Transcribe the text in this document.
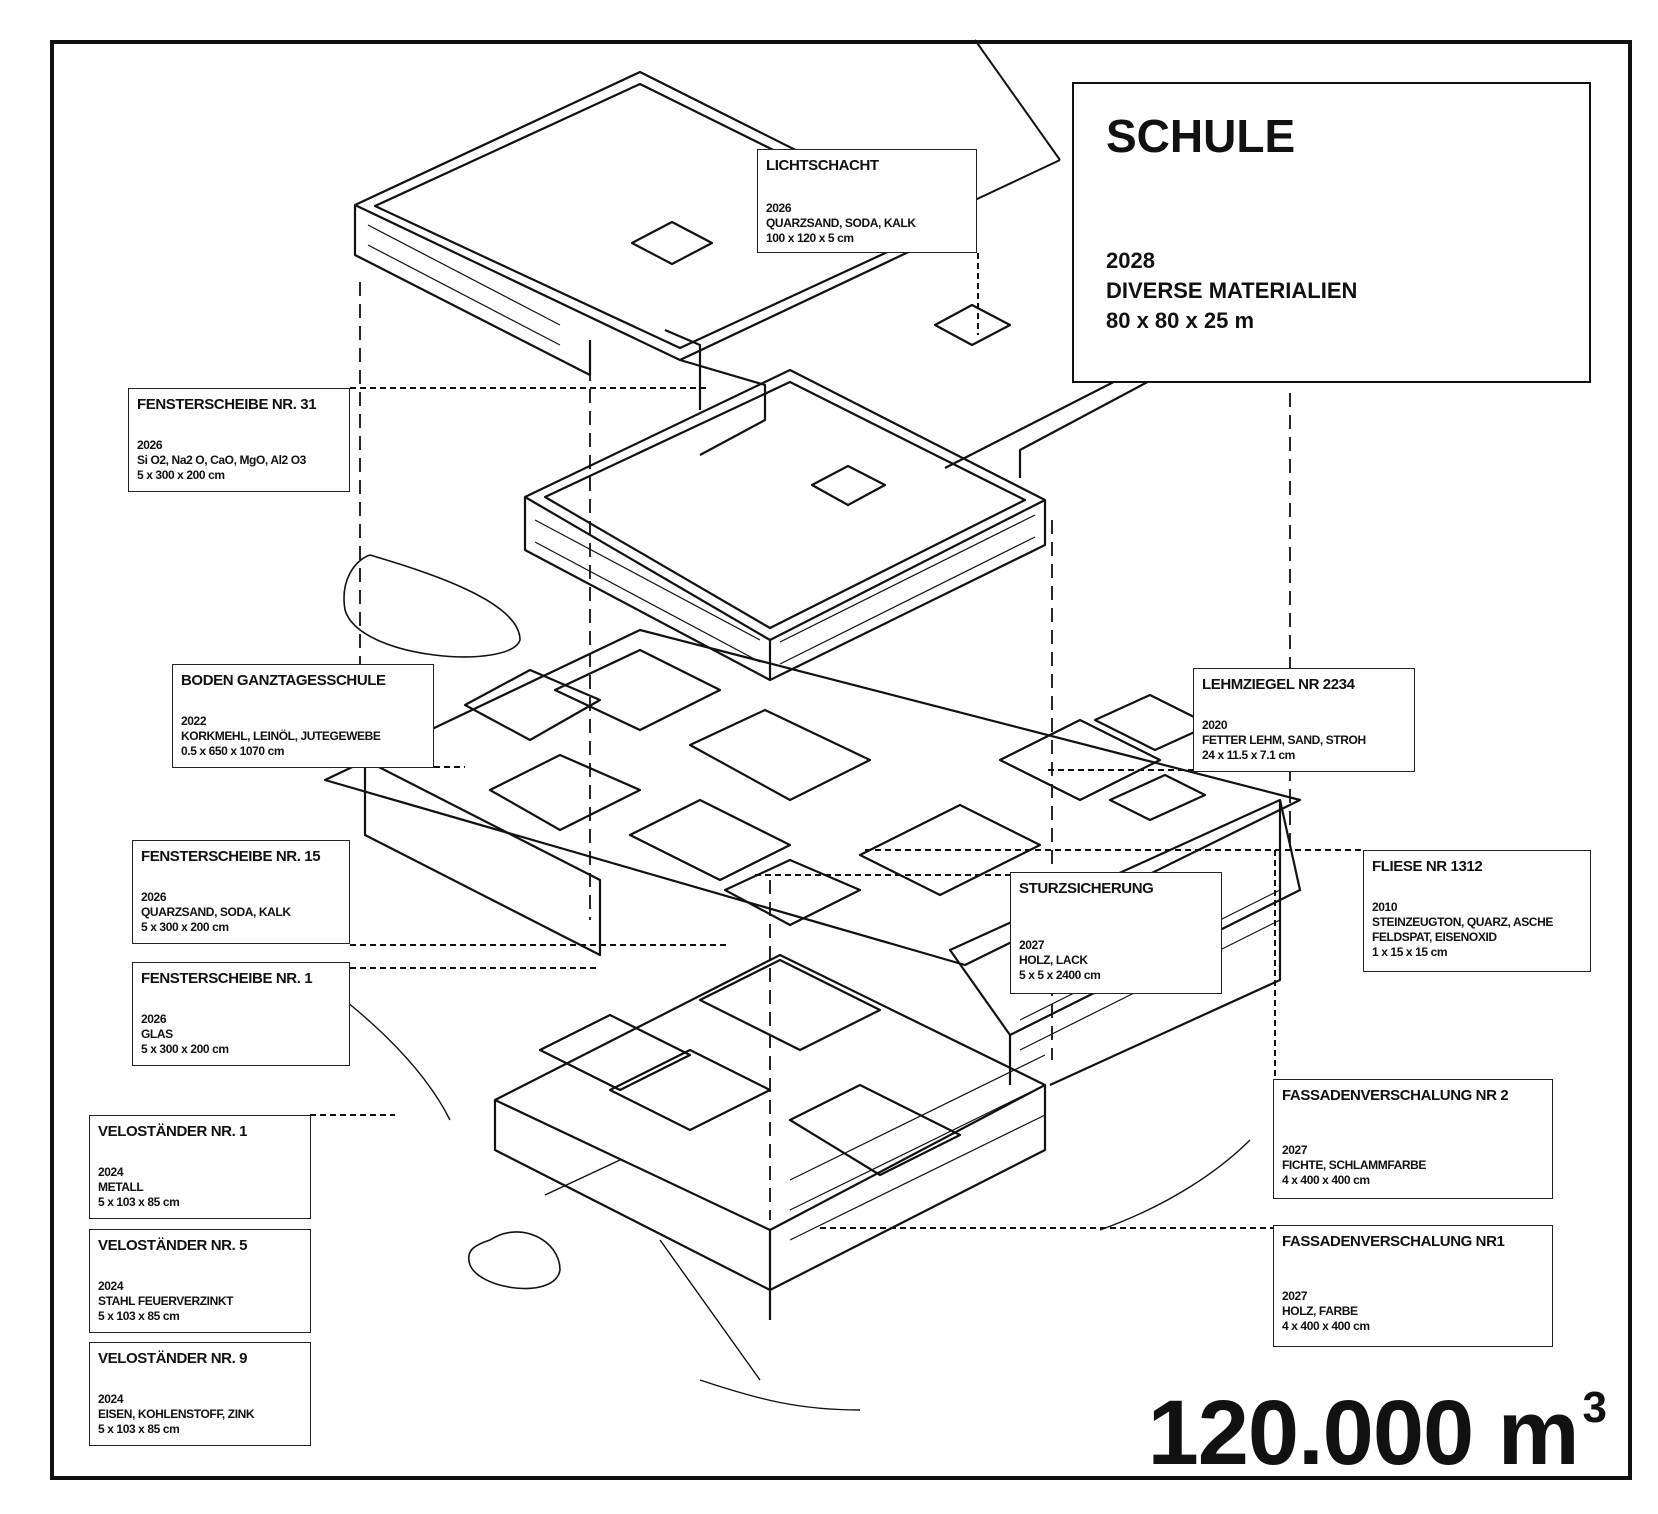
SCHULE
2028
DIVERSE MATERIALIEN
80 x 80 x 25 m
LICHTSCHACHT
2026
QUARZSAND, SODA, KALK
100 x 120 x 5 cm
FENSTERSCHEIBE NR. 31
2026
Si O2, Na2 O, CaO, MgO, Al2 O3
5 x 300 x 200 cm
BODEN GANZTAGESSCHULE
2022
KORKMEHL, LEINÖL, JUTEGEWEBE
0.5 x 650 x 1070 cm
LEHMZIEGEL NR 2234
2020
FETTER LEHM, SAND, STROH
24 x 11.5 x 7.1 cm
FENSTERSCHEIBE NR. 15
2026
QUARZSAND, SODA, KALK
5 x 300 x 200 cm
FLIESE NR 1312
2010
STEINZEUGTON, QUARZ, ASCHE
FELDSPAT, EISENOXID
1 x 15 x 15 cm
STURZSICHERUNG
2027
HOLZ, LACK
5 x 5 x 2400 cm
FENSTERSCHEIBE NR. 1
2026
GLAS
5 x 300 x 200 cm
FASSADENVERSCHALUNG NR 2
2027
FICHTE, SCHLAMMFARBE
4 x 400 x 400 cm
VELOSTÄNDER NR. 1
2024
METALL
5 x 103 x 85 cm
FASSADENVERSCHALUNG NR1
2027
HOLZ, FARBE
4 x 400 x 400 cm
VELOSTÄNDER NR. 5
2024
STAHL FEUERVERZINKT
5 x 103 x 85 cm
VELOSTÄNDER NR. 9
2024
EISEN, KOHLENSTOFF, ZINK
5 x 103 x 85 cm	120.000 $m^3$
